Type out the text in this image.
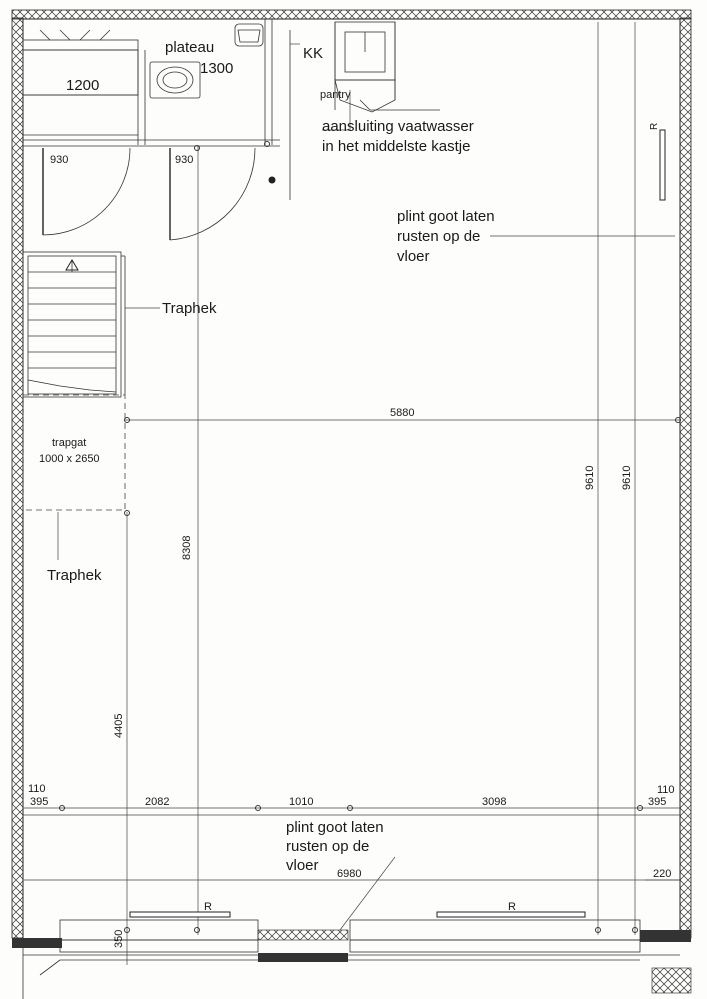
plateau
1300
KK
pantry
aansluiting vaatwasser
in het middelste kastje
1200
930	930
plint goot laten
rusten op de
vloer
Traphek
trapgat
1000 x 2650
Traphek
5880
9610 9610
8308
4405
350
110
395	2082	1010	3098
110
395
plint goot laten
rusten op de
vloer 6980	220
R
R	R
